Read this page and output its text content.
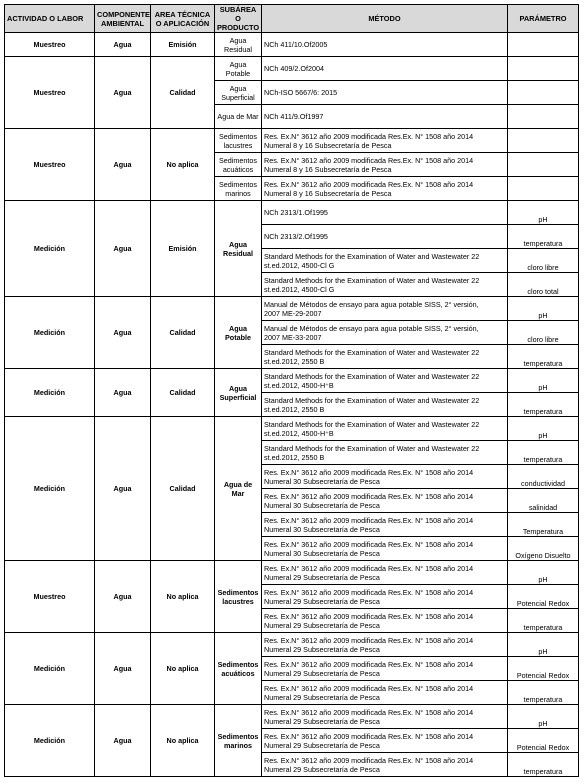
ACTIVIDAD O LABOR	COMPONENTE AMBIENTAL	AREA TÉCNICA O APLICACIÓN	SUBÁREA O PRODUCTO	MÉTODO	PARÁMETRO
Muestreo	Agua	Emisión	Agua Residual	NCh 411/10.Of2005	

Muestreo	Agua	Calidad	Agua Potable	NCh 409/2.Of2004	

			Agua Superficial	NCh-ISO 5667/6: 2015	

			Agua de Mar	NCh 411/9.Of1997	

Muestreo	Agua	No aplica	Sedimentos lacustres	Res. Ex.N° 3612 año 2009 modificada Res.Ex. N° 1508 año 2014
Numeral 8 y 16 Subsecretaría de Pesca	

			Sedimentos acuáticos	Res. Ex.N° 3612 año 2009 modificada Res.Ex. N° 1508 año 2014
Numeral 8 y 16 Subsecretaría de Pesca	

			Sedimentos marinos	Res. Ex.N° 3612 año 2009 modificada Res.Ex. N° 1508 año 2014
Numeral 8 y 16 Subsecretaría de Pesca	

Medición	Agua	Emisión	Agua Residual	NCh 2313/1.Of1995	pH

				NCh 2313/2.Of1995	temperatura

				Standard Methods for the Examination of Water and Wastewater 22
st.ed.2012, 4500-Cl G	cloro libre

				Standard Methods for the Examination of Water and Wastewater 22
st.ed.2012, 4500-Cl G	cloro total
Medición	Agua	Calidad	Agua Potable	Manual de Métodos de ensayo para agua potable SISS, 2° versión,
2007 ME-29-2007	pH

				Manual de Métodos de ensayo para agua potable SISS, 2° versión,
2007 ME-33-2007	cloro libre

				Standard Methods for the Examination of Water and Wastewater 22
st.ed.2012, 2550 B	temperatura
Medición	Agua	Calidad	Agua Superficial	Standard Methods for the Examination of Water and Wastewater 22
st.ed.2012, 4500-H⁺B	pH

				Standard Methods for the Examination of Water and Wastewater 22
st.ed.2012, 2550 B	temperatura
Medición	Agua	Calidad	Agua de Mar	Standard Methods for the Examination of Water and Wastewater 22
st.ed.2012, 4500-H⁺B	pH

				Standard Methods for the Examination of Water and Wastewater 22
st.ed.2012, 2550 B	temperatura

				Res. Ex.N° 3612 año 2009 modificada Res.Ex. N° 1508 año 2014
Numeral 30 Subsecretaría de Pesca	conductividad

				Res. Ex.N° 3612 año 2009 modificada Res.Ex. N° 1508 año 2014
Numeral 30 Subsecretaría de Pesca	salinidad

				Res. Ex.N° 3612 año 2009 modificada Res.Ex. N° 1508 año 2014
Numeral 30 Subsecretaría de Pesca	Temperatura

				Res. Ex.N° 3612 año 2009 modificada Res.Ex. N° 1508 año 2014
Numeral 30 Subsecretaría de Pesca	Oxígeno Disuelto
Muestreo	Agua	No aplica	Sedimentos lacustres	Res. Ex.N° 3612 año 2009 modificada Res.Ex. N° 1508 año 2014
Numeral 29 Subsecretaría de Pesca	pH

				Res. Ex.N° 3612 año 2009 modificada Res.Ex. N° 1508 año 2014
Numeral 29 Subsecretaría de Pesca	Potencial Redox

				Res. Ex.N° 3612 año 2009 modificada Res.Ex. N° 1508 año 2014
Numeral 29 Subsecretaría de Pesca	temperatura
Medición	Agua	No aplica	Sedimentos acuáticos	Res. Ex.N° 3612 año 2009 modificada Res.Ex. N° 1508 año 2014
Numeral 29 Subsecretaría de Pesca	pH

				Res. Ex.N° 3612 año 2009 modificada Res.Ex. N° 1508 año 2014
Numeral 29 Subsecretaría de Pesca	Potencial Redox

				Res. Ex.N° 3612 año 2009 modificada Res.Ex. N° 1508 año 2014
Numeral 29 Subsecretaría de Pesca	temperatura
Medición	Agua	No aplica	Sedimentos marinos	Res. Ex.N° 3612 año 2009 modificada Res.Ex. N° 1508 año 2014
Numeral 29 Subsecretaría de Pesca	pH

				Res. Ex.N° 3612 año 2009 modificada Res.Ex. N° 1508 año 2014
Numeral 29 Subsecretaría de Pesca	Potencial Redox

				Res. Ex.N° 3612 año 2009 modificada Res.Ex. N° 1508 año 2014
Numeral 29 Subsecretaría de Pesca	temperatura
